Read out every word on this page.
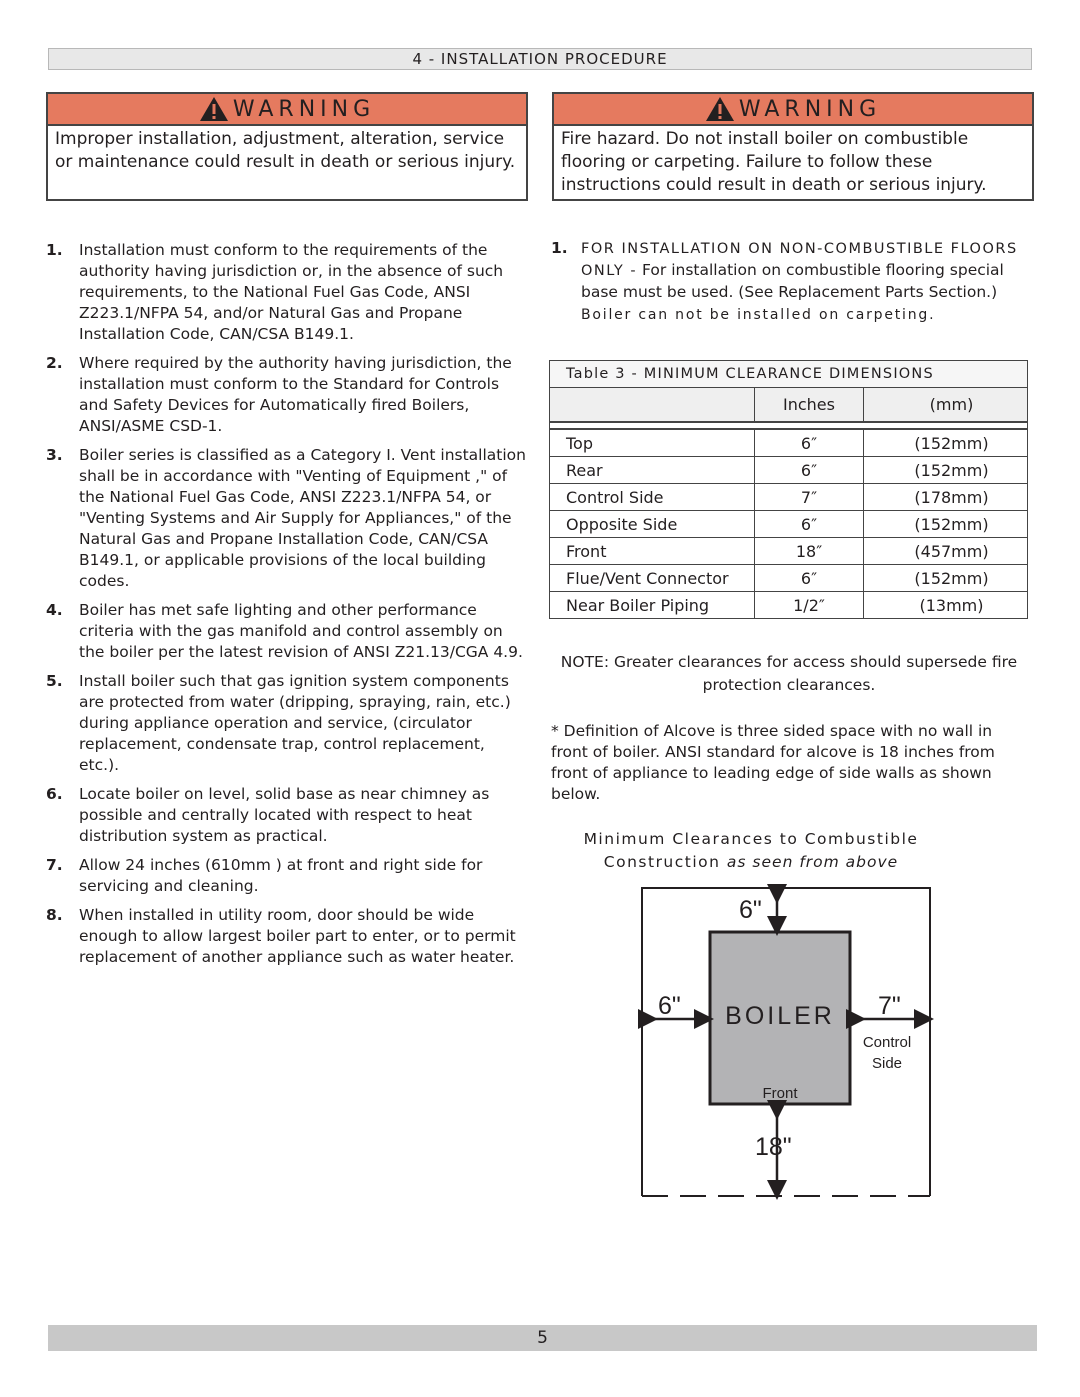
4 - INSTALLATION PROCEDURE
WARNING
Improper installation, adjustment, alteration, service or maintenance could result in death or serious injury.
WARNING
Fire hazard. Do not install boiler on combustible flooring or carpeting. Failure to follow these instructions could result in death or serious injury.
1.	Installation must conform to the requirements of the authority having jurisdiction or, in the absence of such requirements, to the National Fuel Gas Code, ANSI Z223.1/NFPA 54, and/or Natural Gas and Propane Installation Code, CAN/CSA B149.1.
2.	Where required by the authority having jurisdiction, the installation must conform to the Standard for Controls and Safety Devices for Automatically fired Boilers, ANSI/ASME CSD-1.
3.	Boiler series is classified as a Category I. Vent installation shall be in accordance with "Venting of Equipment ," of the National Fuel Gas Code, ANSI Z223.1/NFPA 54, or "Venting Systems and Air Supply for Appliances," of the Natural Gas and Propane Installation Code, CAN/CSA B149.1, or applicable provisions of the local building codes.
4.	Boiler has met safe lighting and other performance criteria with the gas manifold and control assembly on the boiler per the latest revision of ANSI Z21.13/CGA 4.9.
5.	Install boiler such that gas ignition system components are protected from water (dripping, spraying, rain, etc.) during appliance operation and service, (circulator replacement, condensate trap, control replacement, etc.).
6.	Locate boiler on level, solid base as near chimney as possible and centrally located with respect to heat distribution system as practical.
7.	Allow 24 inches (610mm ) at front and right side for servicing and cleaning.
8.	When installed in utility room, door should be wide enough to allow largest boiler part to enter, or to permit replacement of another appliance such as water heater.
1. FOR INSTALLATION ON NON-COMBUSTIBLE FLOORS ONLY - For installation on combustible flooring special base must be used. (See Replacement Parts Section.) Boiler can not be installed on carpeting.
Table 3 - MINIMUM CLEARANCE DIMENSIONS
	Inches	(mm)

Top	6″	(152mm)
Rear	6″	(152mm)
Control Side	7″	(178mm)
Opposite Side	6″	(152mm)
Front	18″	(457mm)
Flue/Vent Connector	6″	(152mm)
Near Boiler Piping	1/2″	(13mm)
NOTE: Greater clearances for access should supersede fire protection clearances.
* Definition of Alcove is three sided space with no wall in front of boiler. ANSI standard for alcove is 18 inches from front of appliance to leading edge of side walls as shown below.
Minimum Clearances to Combustible
Construction as seen from above
BOILER
Front
6"
6"	7"
Control
Side
18"
5
